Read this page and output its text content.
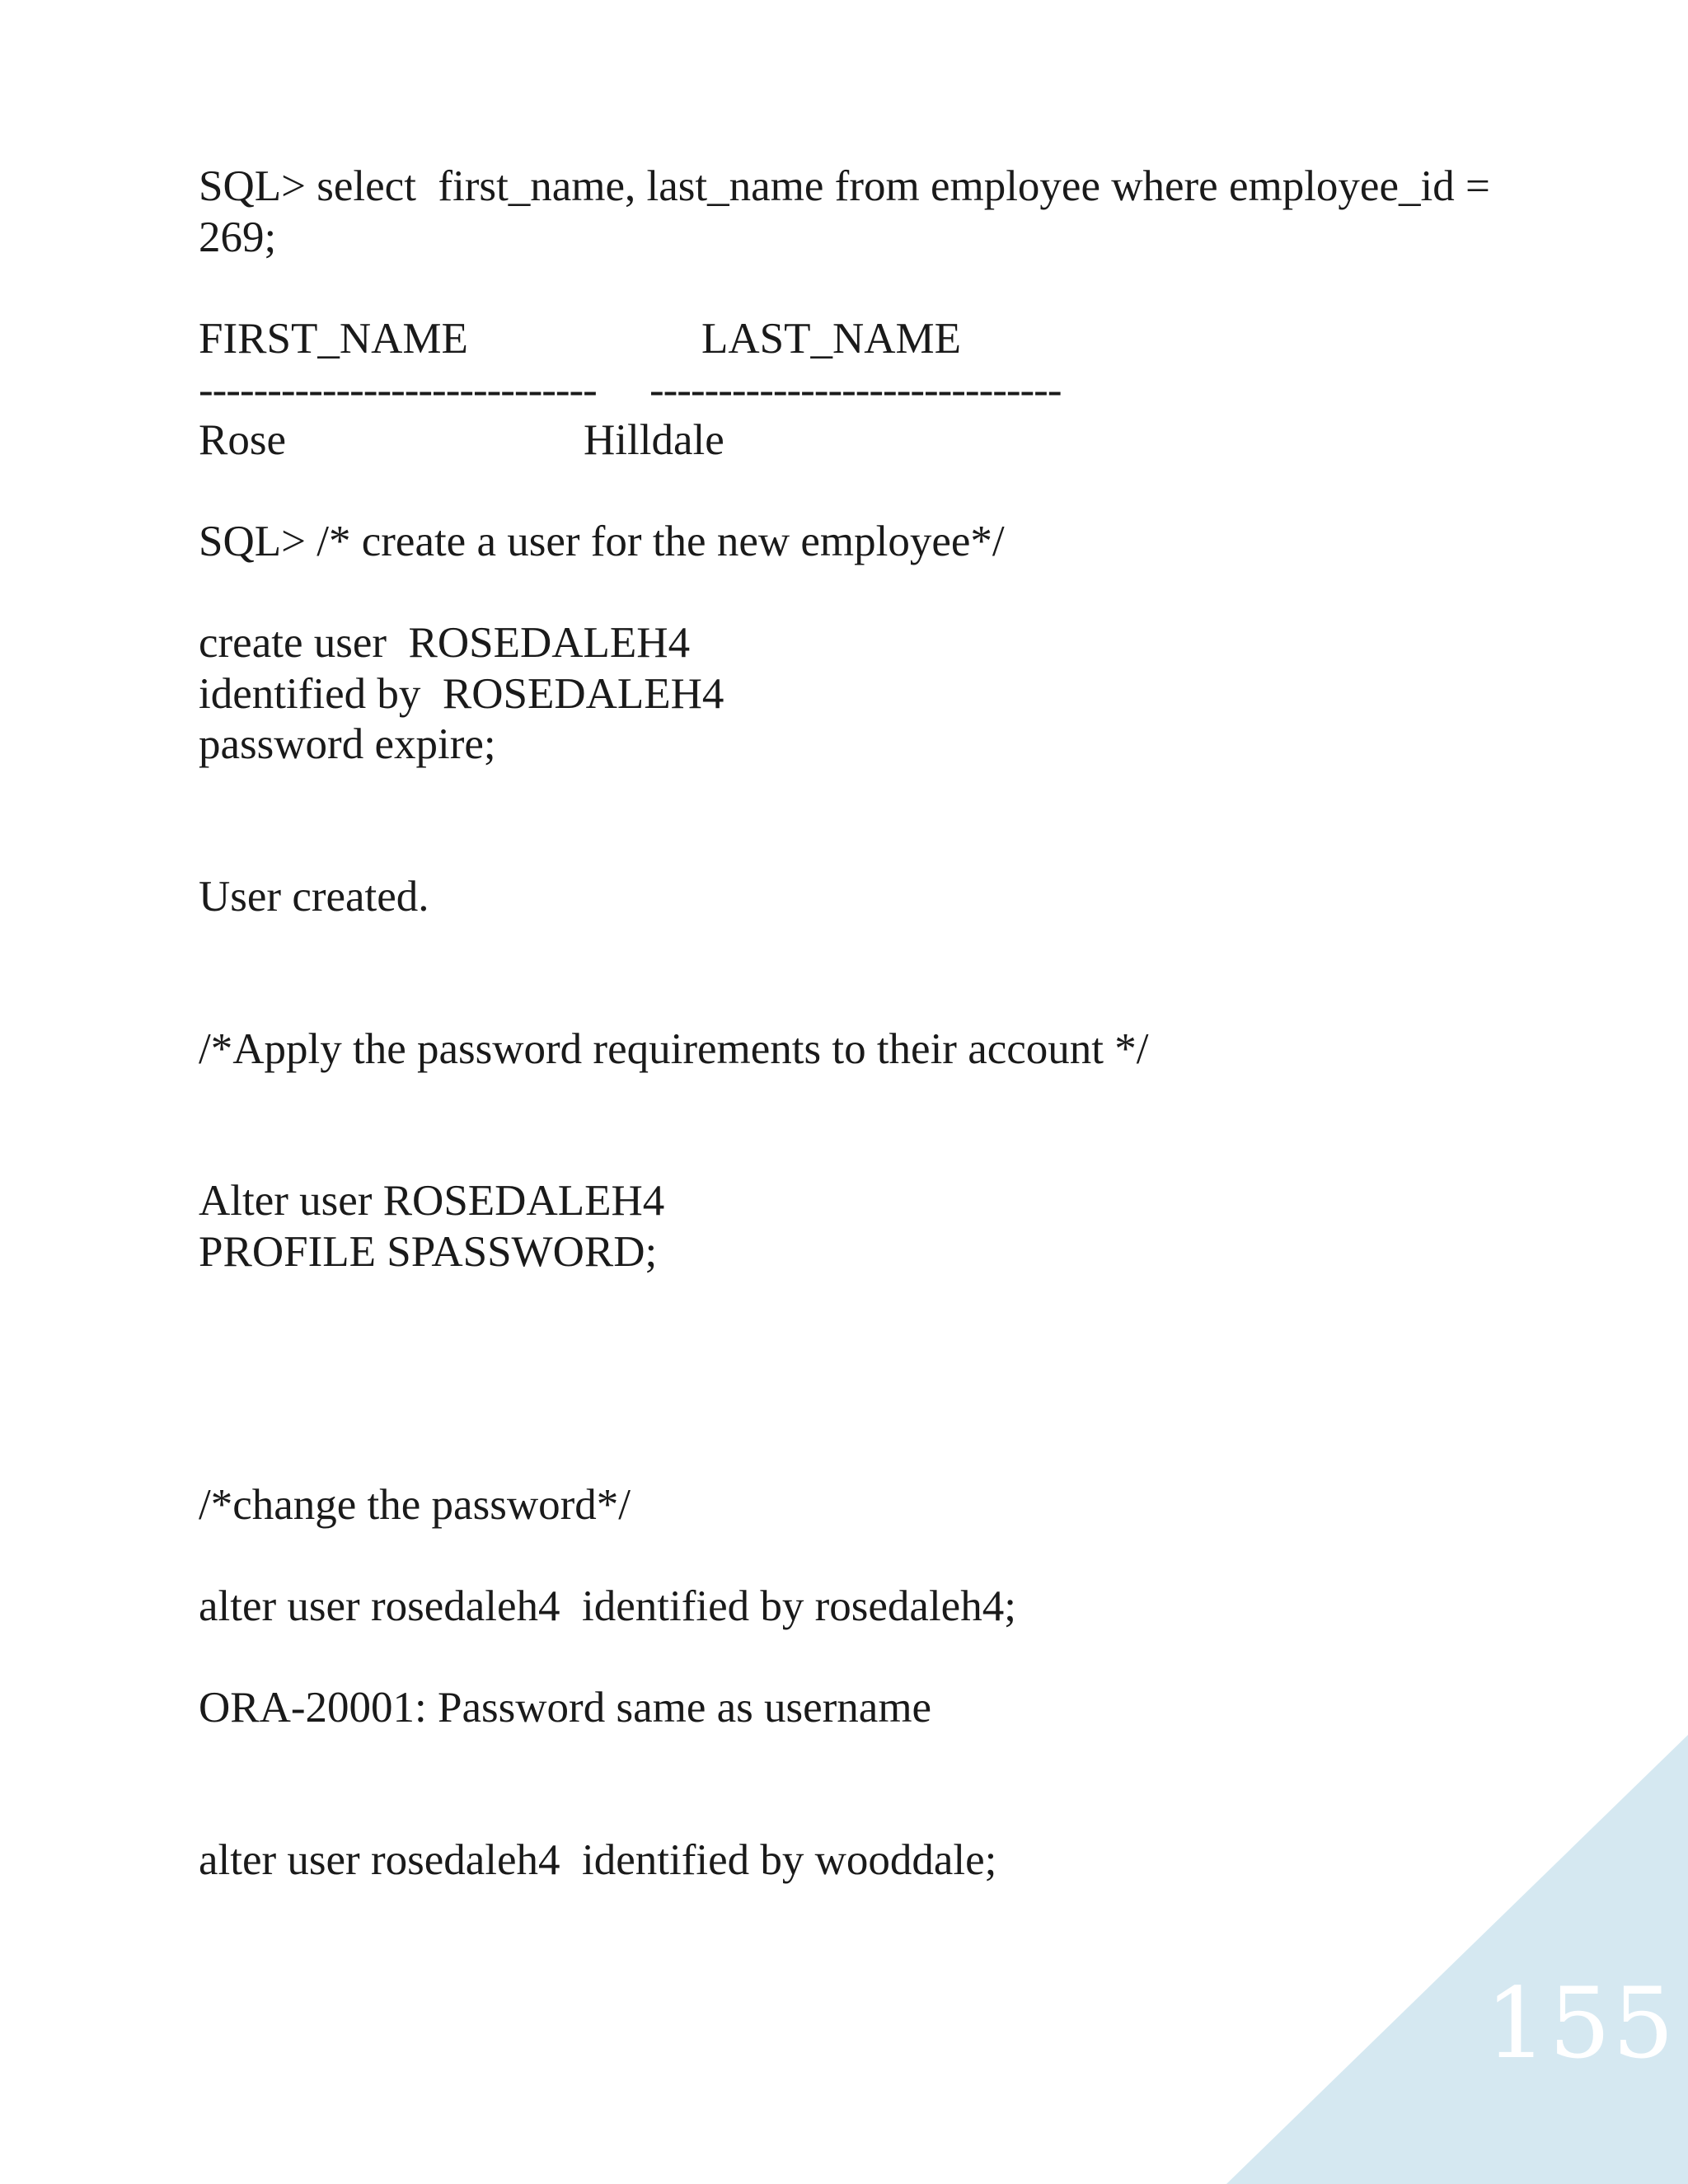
SQL> select  first_name, last_name from employee where employee_id =

269;

FIRST_NAME	LAST_NAME
----------------------------- ------------------------------
Rose	Hilldale

SQL> /* create a user for the new employee*/

create user  ROSEDALEH4

identified by  ROSEDALEH4

password expire;

User created.

/*Apply the password requirements to their account */

Alter user ROSEDALEH4

PROFILE SPASSWORD;

/*change the password*/

alter user rosedaleh4  identified by rosedaleh4;

ORA-20001: Password same as username

alter user rosedaleh4  identified by wooddale;

155
